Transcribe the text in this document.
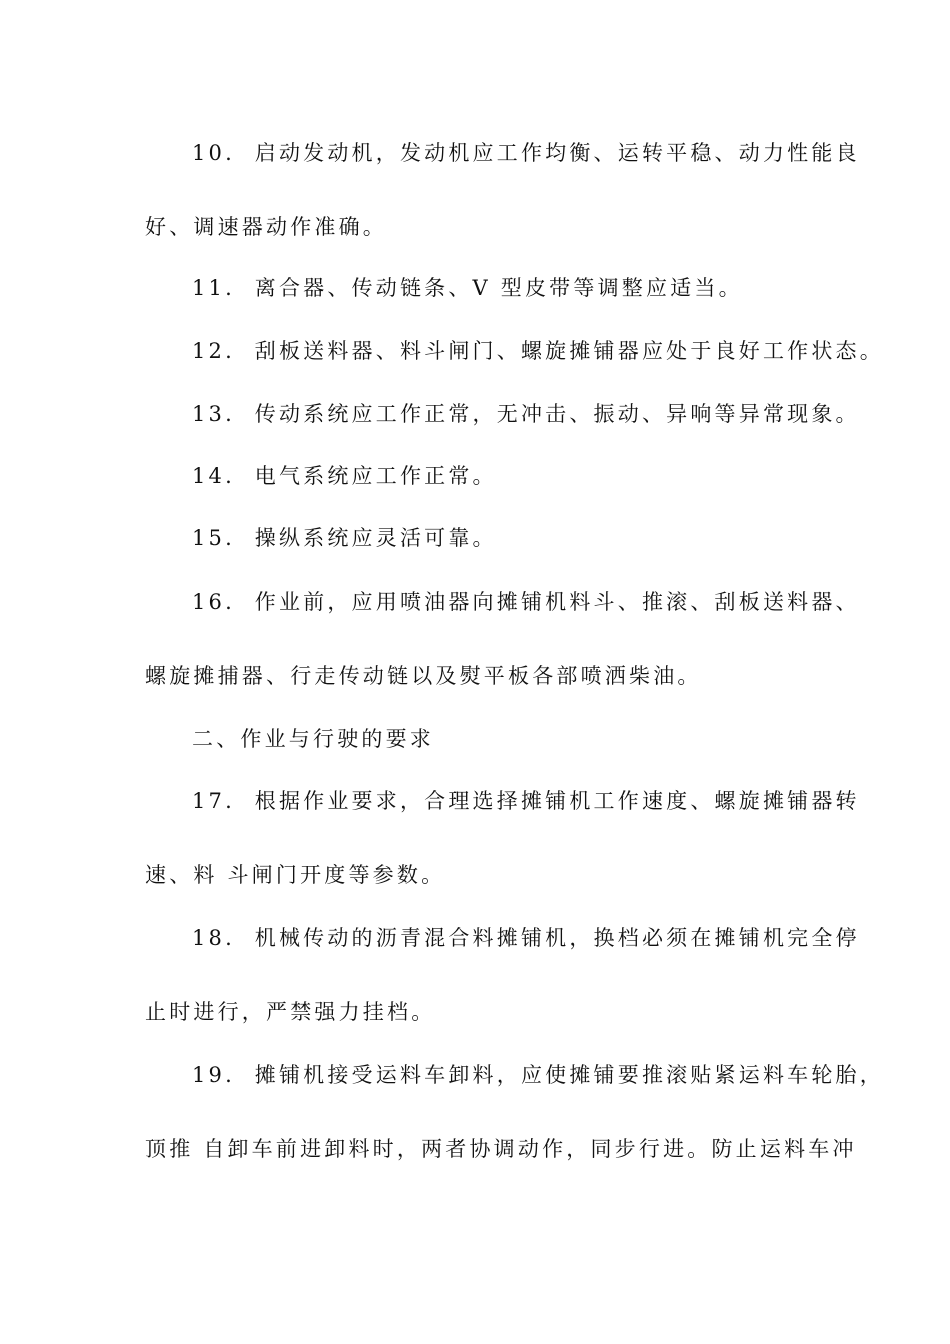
10.  启动发动机，发动机应工作均衡、运转平稳、动力性能良
好、调速器动作准确。
11.  离合器、传动链条、V 型皮带等调整应适当。
12.  刮板送料器、料斗闸门、螺旋摊铺器应处于良好工作状态。
13.  传动系统应工作正常，无冲击、振动、异响等异常现象。
14.  电气系统应工作正常。
15.  操纵系统应灵活可靠。
16.  作业前，应用喷油器向摊铺机料斗、推滚、刮板送料器、
螺旋摊捕器、行走传动链以及熨平板各部喷洒柴油。
二、作业与行驶的要求
17.  根据作业要求，合理选择摊铺机工作速度、螺旋摊铺器转
速、料 斗闸门开度等参数。
18.  机械传动的沥青混合料摊铺机，换档必须在摊铺机完全停
止时进行，严禁强力挂档。
19.  摊铺机接受运料车卸料，应使摊铺要推滚贴紧运料车轮胎，
顶推 自卸车前进卸料时，两者协调动作，同步行进。防止运料车冲
